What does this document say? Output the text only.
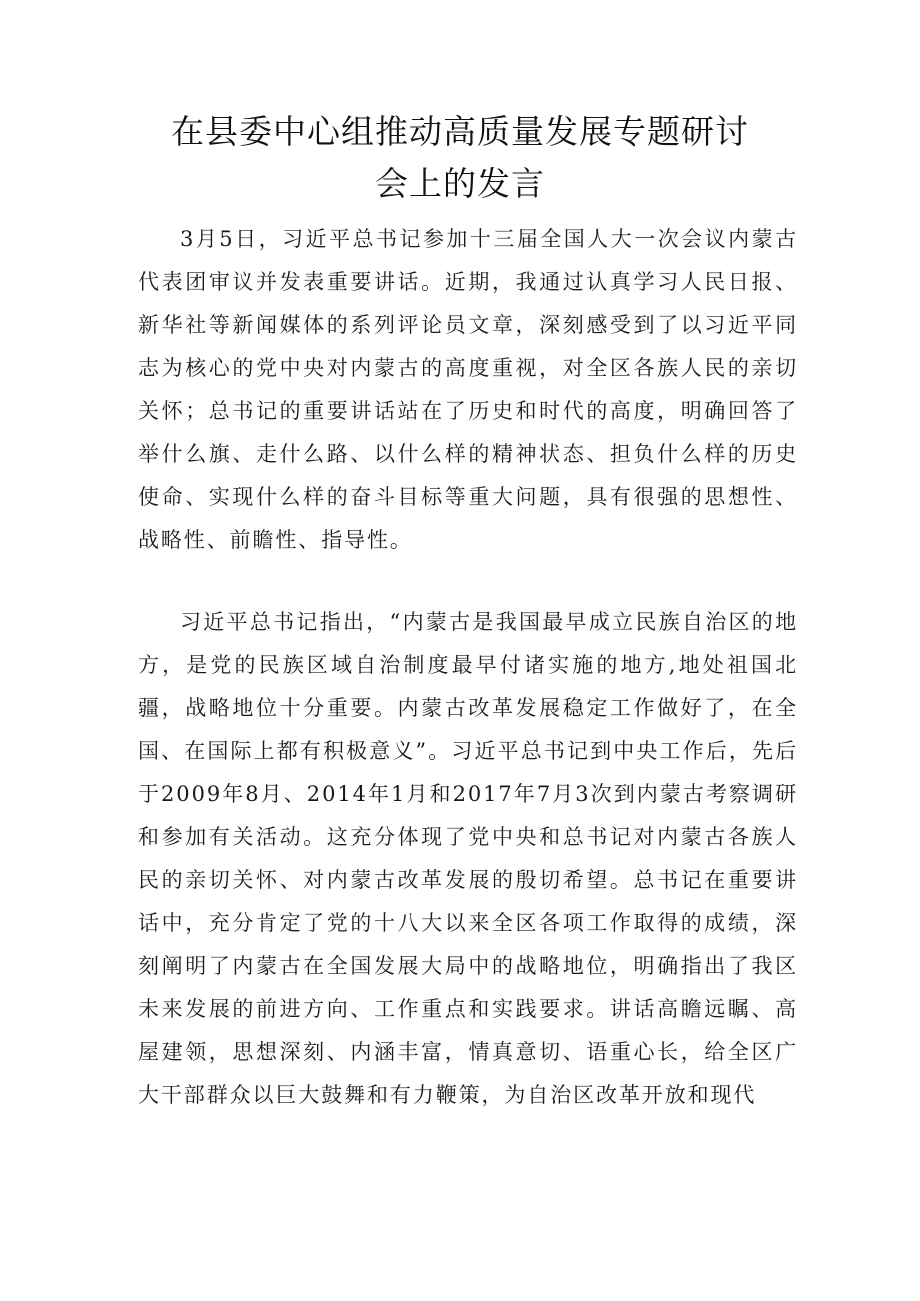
在县委中心组推动高质量发展专题研讨
会上的发言

3月5日，习近平总书记参加十三届全国人大一次会议内蒙古代表团审议并发表重要讲话。近期，我通过认真学习人民日报、新华社等新闻媒体的系列评论员文章，深刻感受到了以习近平同志为核心的党中央对内蒙古的高度重视，对全区各族人民的亲切关怀；总书记的重要讲话站在了历史和时代的高度，明确回答了举什么旗、走什么路、以什么样的精神状态、担负什么样的历史使命、实现什么样的奋斗目标等重大问题，具有很强的思想性、战略性、前瞻性、指导性。

习近平总书记指出，“内蒙古是我国最早成立民族自治区的地方，是党的民族区域自治制度最早付诸实施的地方,地处祖国北疆，战略地位十分重要。内蒙古改革发展稳定工作做好了，在全国、在国际上都有积极意义”。习近平总书记到中央工作后，先后于2009年8月、2014年1月和2017年7月3次到内蒙古考察调研和参加有关活动。这充分体现了党中央和总书记对内蒙古各族人民的亲切关怀、对内蒙古改革发展的殷切希望。总书记在重要讲话中，充分肯定了党的十八大以来全区各项工作取得的成绩，深刻阐明了内蒙古在全国发展大局中的战略地位，明确指出了我区未来发展的前进方向、工作重点和实践要求。讲话高瞻远瞩、高屋建领，思想深刻、内涵丰富，情真意切、语重心长，给全区广大干部群众以巨大鼓舞和有力鞭策，为自治区改革开放和现代
